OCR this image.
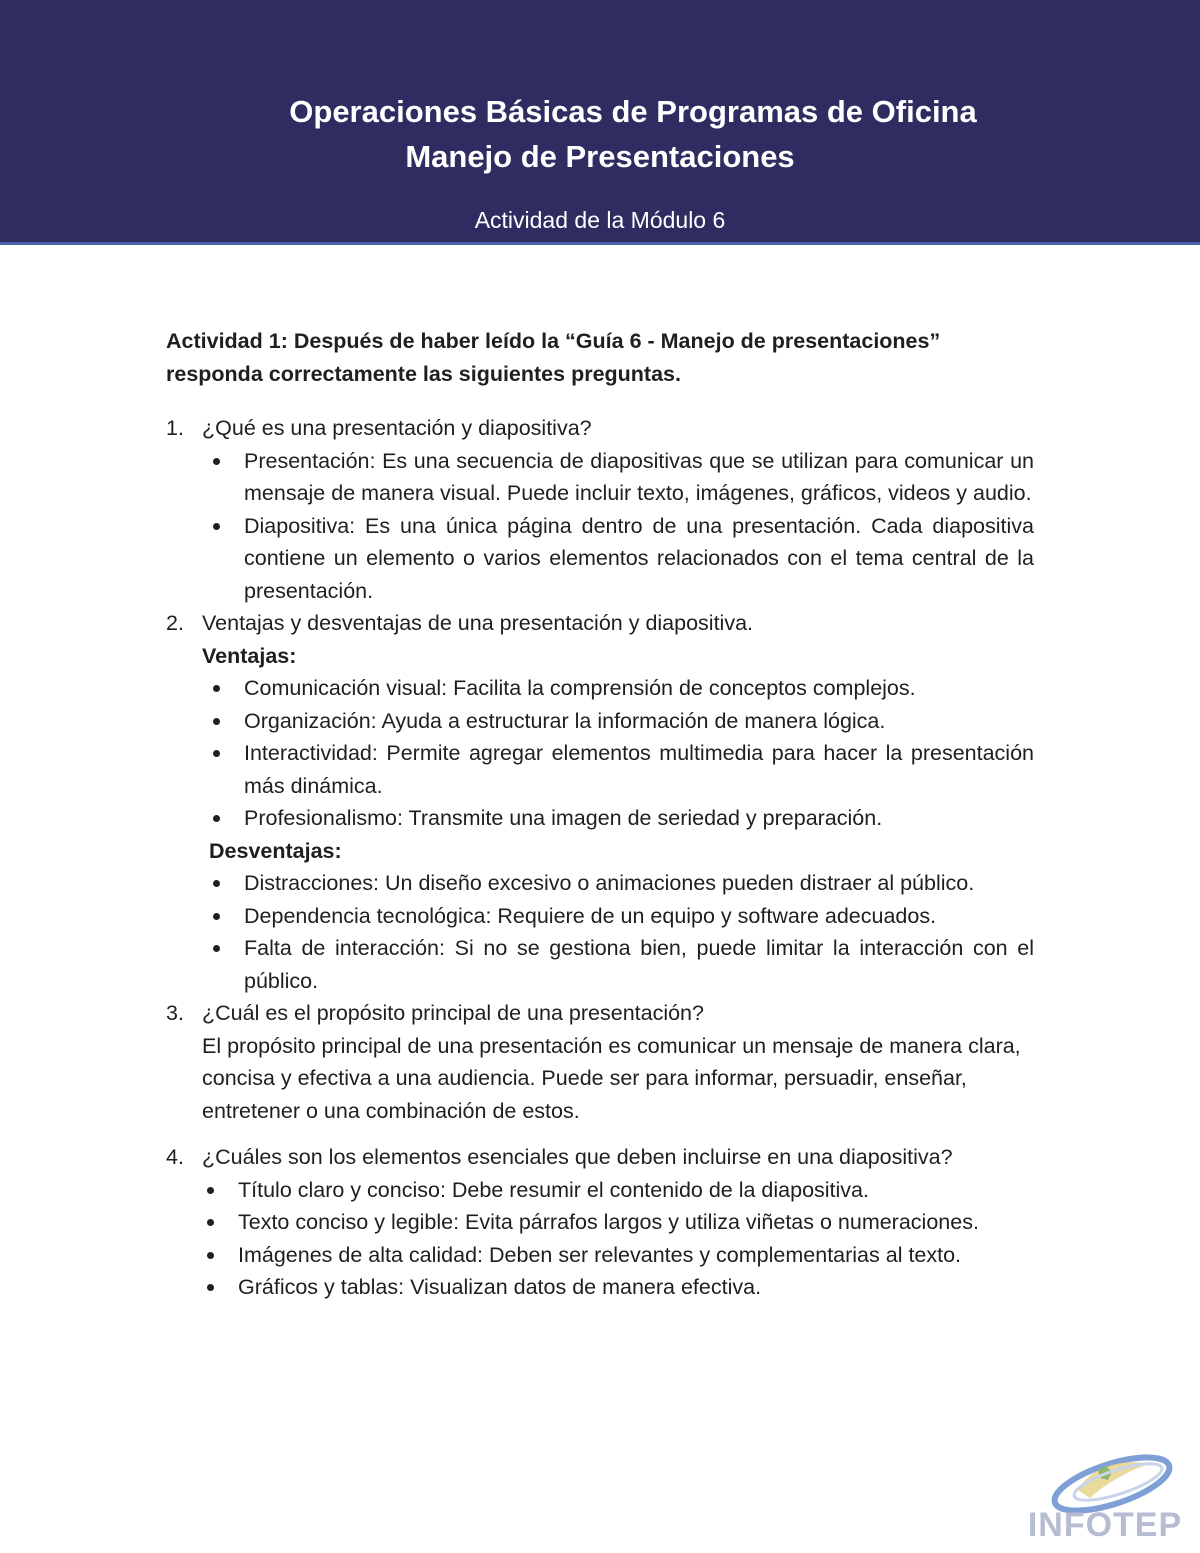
Operaciones Básicas de Programas de Oficina
Manejo de Presentaciones
Actividad de la Módulo 6

Actividad 1: Después de haber leído la “Guía 6 - Manejo de presentaciones” responda correctamente las siguientes preguntas.

1. ¿Qué es una presentación y diapositiva?
Presentación: Es una secuencia de diapositivas que se utilizan para comunicar un mensaje de manera visual. Puede incluir texto, imágenes, gráficos, videos y audio.
Diapositiva: Es una única página dentro de una presentación. Cada diapositiva contiene un elemento o varios elementos relacionados con el tema central de la presentación.
2. Ventajas y desventajas de una presentación y diapositiva.
Ventajas:
Comunicación visual: Facilita la comprensión de conceptos complejos.
Organización: Ayuda a estructurar la información de manera lógica.
Interactividad: Permite agregar elementos multimedia para hacer la presentación más dinámica.
Profesionalismo: Transmite una imagen de seriedad y preparación.
Desventajas:
Distracciones: Un diseño excesivo o animaciones pueden distraer al público.
Dependencia tecnológica: Requiere de un equipo y software adecuados.
Falta de interacción: Si no se gestiona bien, puede limitar la interacción con el público.
3. ¿Cuál es el propósito principal de una presentación?
El propósito principal de una presentación es comunicar un mensaje de manera clara, concisa y efectiva a una audiencia. Puede ser para informar, persuadir, enseñar, entretener o una combinación de estos.
4. ¿Cuáles son los elementos esenciales que deben incluirse en una diapositiva?
Título claro y conciso: Debe resumir el contenido de la diapositiva.
Texto conciso y legible: Evita párrafos largos y utiliza viñetas o numeraciones.
Imágenes de alta calidad: Deben ser relevantes y complementarias al texto.
Gráficos y tablas: Visualizan datos de manera efectiva.
INFOTEP
